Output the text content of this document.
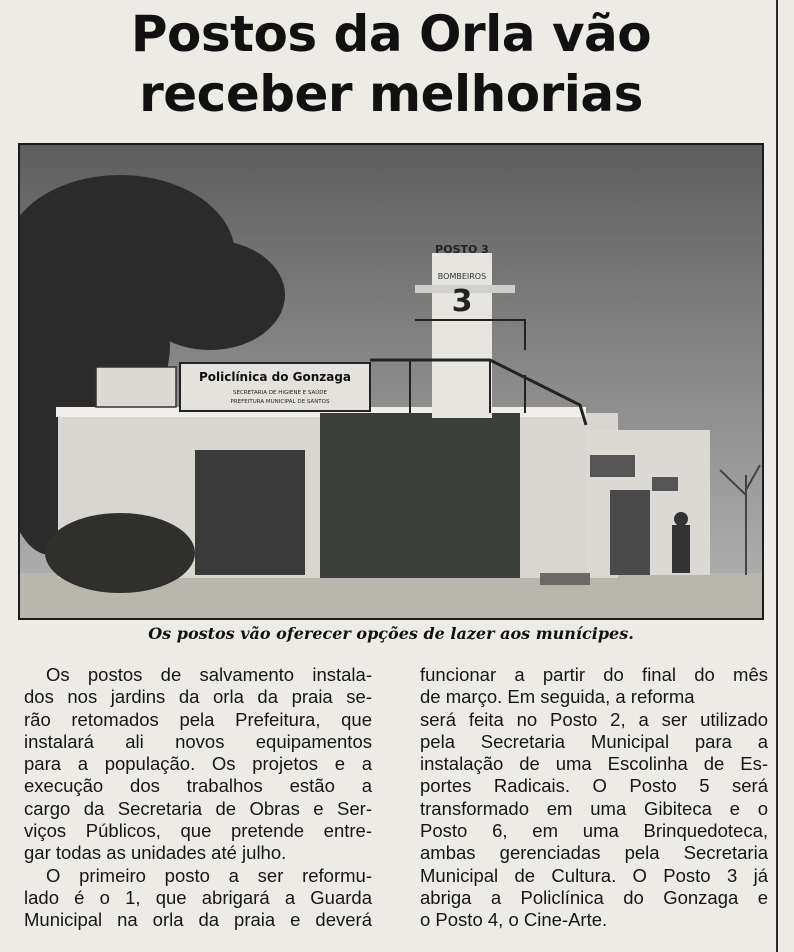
Postos da Orla vão
receber melhorias
POSTO 3
BOMBEIROS
3
Policlínica do Gonzaga
SECRETARIA DE HIGIENE E SAÚDE
PREFEITURA MUNICIPAL DE SANTOS
Os postos vão oferecer opções de lazer aos munícipes.
Os postos de salvamento instala-
dos nos jardins da orla da praia se-
rão retomados pela Prefeitura, que
instalará ali novos equipamentos
para a população. Os projetos e a
execução dos trabalhos estão a
cargo da Secretaria de Obras e Ser-
viços Públicos, que pretende entre-
gar todas as unidades até julho.
O primeiro posto a ser reformu-
lado é o 1, que abrigará a Guarda
Municipal na orla da praia e deverá
funcionar a partir do final do mês
de março. Em seguida, a reforma
será feita no Posto 2, a ser utilizado
pela Secretaria Municipal para a
instalação de uma Escolinha de Es-
portes Radicais. O Posto 5 será
transformado em uma Gibiteca e o
Posto 6, em uma Brinquedoteca,
ambas gerenciadas pela Secretaria
Municipal de Cultura. O Posto 3 já
abriga a Policlínica do Gonzaga e
o Posto 4, o Cine-Arte.
